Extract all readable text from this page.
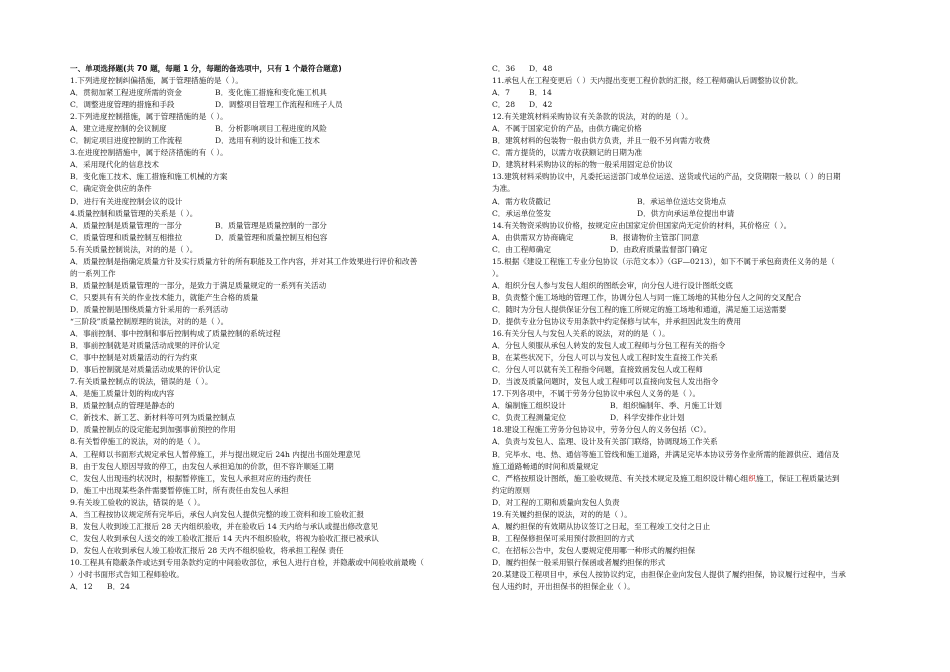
一、单项选择题(共 70 题，每题 1 分，每题的备选项中，只有 1 个最符合题意)
1.下列进度控制纠偏措施，属于管理措施的是（ ）。
A．贯彻加紧工程进度所需的资金	B．变化施工措施和变化施工机具
C．调整进度管理的措施和手段	D．调整项目管理工作流程和班子人员
2.下列进度控制措施，属于管理措施的是（ ）。
A．建立进度控制的会议制度	B．分析影响项目工程进度的风险
C．制定项目进度控制的工作流程	D．选用有利的设计和施工技术
3.在进度控制措施中，属于经济措施的有（ ）。
A．采用现代化的信息技术
B．变化施工技术、施工措施和施工机械的方案
C．确定资金供应的条件
D．进行有关进度控制会议的设计
4.质量控制和质量管理的关系是（ ）。
A．质量控制是质量管理的一部分	B．质量管理是质量控制的一部分
C．质量管理和质量控制互相推拉	D．质量管理和质量控制互相包容
5.有关质量控制说法，对的的是（ ）。
A．质量控制是指确定质量方针及实行质量方针的所有职能及工作内容，并对其工作效果进行评价和改善
的一系列工作
B．质量控制是质量管理的一部分，是致力于满足质量规定的一系列有关活动
C．只要具有有关的作业技术能力，就能产生合格的质量
D．质量控制是围绕质量方针采用的一系列活动
“三阶段”质量控制原理的说法，对的的是（ ）。
A．事前控制、事中控制和事后控制构成了质量控制的系统过程
B．事前控制就是对质量活动成果的评价认定
C．事中控制是对质量活动的行为约束
D．事后控制就是对质量活动成果的评价认定
7.有关质量控制点的说法，错误的是（ ）。
A．是施工质量计划的构成内容
B．质量控制点的管理是静态的
C．新技术、新工艺、新材料等可列为质量控制点
D．质量控制点的设定能起到加强事前预控的作用
8.有关暂停施工的说法，对的的是（ ）。
A．工程师以书面形式规定承包人暂停施工，并与提出规定后 24h 内提出书面处理意见
B．由于发包人原因导致的停工，由发包人承担追加的价款，但不容许顺延工期
C．发包人出现违约状况时，根据暂停施工，发包人承担对应的违约责任
D．施工中出现某些条件需要暂停施工时，所有责任由发包人承担
9.有关竣工验收的说法，错误的是（ ）。
A．当工程按协议规定所有完毕后，承包人向发包人提供完整的竣工资料和竣工验收汇报
B．发包人收到竣工汇报后 28 天内组织验收，并在验收后 14 天内给与承认或提出修改意见
C．发包人收到承包人送交的竣工验收汇报后 14 天内不组织验收，将视为验收汇报已被承认
D．发包人在收到承包人竣工验收汇报后 28 天内不组织验收，将承担工程保 责任
10.工程具有隐蔽条件或达到专用条款约定的中间验收部位，承包人进行自检，并隐蔽或中间验收前最晚（
）小时书面形式告知工程师验收。
A．12	B．24
C．36	D．48
11.承包人在工程变更后（ ）天内提出变更工程价款的汇报，经工程师确认后调整协议价款。
A．7	B．14
C．28	D．42
12.有关建筑材料采购协议有关条款的说法，对的的是（ ）。
A．不属于国家定价的产品，由供方确定价格
B．建筑材料的包装物一般由供方负责，并且一般不另向需方收费
C．需方提货的，以需方收获额记的日期为准
D．建筑材料采购协议的标的物一般采用固定总价协议
13.建筑材料采购协议中，凡委托运送部门或单位运送、送货或代运的产品，交货期限一般以（ ）的日期
为准。
A．需方收货戳记	B．承运单位送达交货地点
C．承运单位签发	D．供方向承运单位提出申请
14.有关物资采购协议价格，按规定应由国家定价但国家尚无定价的材料，其价格应（ ）。
A．由供需双方协商确定	B．报请物价主管部门同意
C．由工程师确定	D．由政府质量监督部门确定
15.根据《建设工程施工专业分包协议（示范文本）》（GF—0213），如下不属于承包商责任义务的是（
）。
A．组织分包人参与发包人组织的图纸会审，向分包人进行设计图纸交底
B．负责整个施工场地的管理工作，协调分包人与同一施工场地的其他分包人之间的交叉配合
C．随时为分包人提供保证分包工程的施工所规定的施工场地和通道，满足施工运送需要
D．提供专业分包协议专用条款中约定保修与试车，并承担因此发生的费用
16.有关分包人与发包人关系的说法，对的的是（ ）。
A．分包人须服从承包人转发的发包人或工程师与分包工程有关的指令
B．在某些状况下，分包人可以与发包人或工程时发生直接工作关系
C．分包人可以就有关工程指令问题，直接致函发包人或工程师
D．当波及质量问题时，发包人或工程师可以直接向发包人发出指令
17.下列各项中，不属于劳务分包协议中承包人义务的是（ ）。
A．编制施工组织设计	B．组织编制年、季、月施工计划
C．负责工程测量定位	D．科学安排作业计划
18.建设工程施工劳务分包协议中，劳务分包人的义务包括（C）。
A．负责与发包人、监理、设计及有关部门联络，协调现场工作关系
B．完毕水、电、热、通信等施工管线和施工道路，并满足完毕本协议劳务作业所需的能源供应、通信及
施工道路畅通的时间和质量规定
C．严格按照设计图纸，施工验收规范、有关技术规定及施工组织设计精心组织施工，保证工程质量达到
约定的原则
D．对工程的工期和质量向发包人负责
19.有关履约担保的说法，对的的是（ ）。
A．履约担保的有效期从协议签订之日起，至工程竣工交付之日止
B．工程保修担保可采用预付款担回的方式
C．在招标公告中，发包人要规定使用哪一种形式的履约担保
D．履约担保一般采用银行保函或者履约担保的形式
20.某建设工程项目中，承包人按协议约定，由担保企业向发包人提供了履约担保，协议履行过程中，当承
包人违约时，开出担保书的担保企业（ ）。
